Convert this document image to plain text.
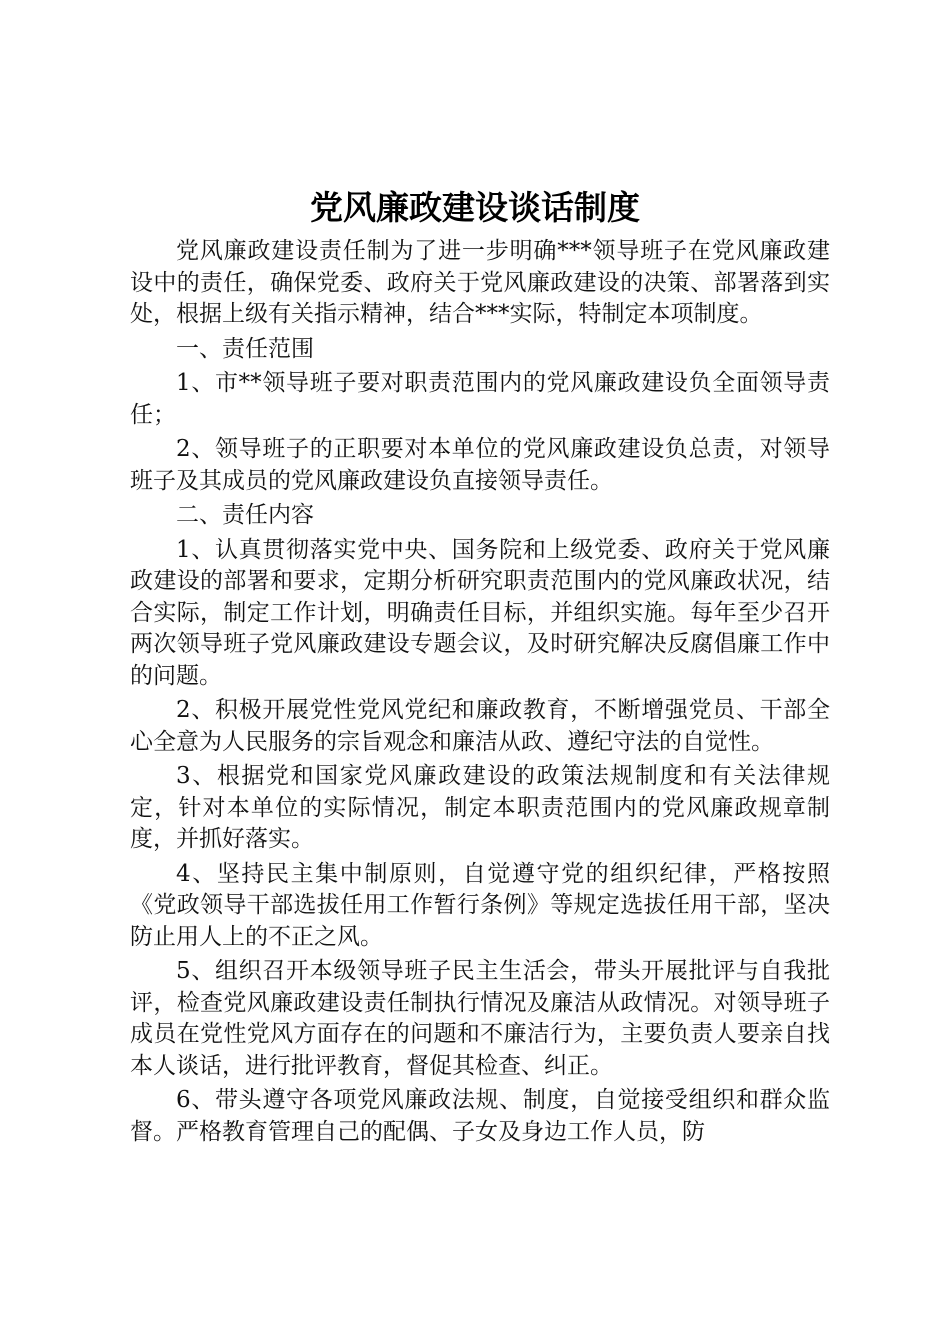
党风廉政建设谈话制度

党风廉政建设责任制为了进一步明确***领导班子在党风廉政建设中的责任，确保党委、政府关于党风廉政建设的决策、部署落到实处，根据上级有关指示精神，结合***实际，特制定本项制度。

一、责任范围

1、市**领导班子要对职责范围内的党风廉政建设负全面领导责任；

2、领导班子的正职要对本单位的党风廉政建设负总责，对领导班子及其成员的党风廉政建设负直接领导责任。

二、责任内容

1、认真贯彻落实党中央、国务院和上级党委、政府关于党风廉政建设的部署和要求，定期分析研究职责范围内的党风廉政状况，结合实际，制定工作计划，明确责任目标，并组织实施。每年至少召开两次领导班子党风廉政建设专题会议，及时研究解决反腐倡廉工作中的问题。

2、积极开展党性党风党纪和廉政教育，不断增强党员、干部全心全意为人民服务的宗旨观念和廉洁从政、遵纪守法的自觉性。

3、根据党和国家党风廉政建设的政策法规制度和有关法律规定，针对本单位的实际情况，制定本职责范围内的党风廉政规章制度，并抓好落实。

4、坚持民主集中制原则，自觉遵守党的组织纪律，严格按照《党政领导干部选拔任用工作暂行条例》等规定选拔任用干部，坚决防止用人上的不正之风。

5、组织召开本级领导班子民主生活会，带头开展批评与自我批评，检查党风廉政建设责任制执行情况及廉洁从政情况。对领导班子成员在党性党风方面存在的问题和不廉洁行为，主要负责人要亲自找本人谈话，进行批评教育，督促其检查、纠正。

6、带头遵守各项党风廉政法规、制度，自觉接受组织和群众监督。严格教育管理自己的配偶、子女及身边工作人员，防
